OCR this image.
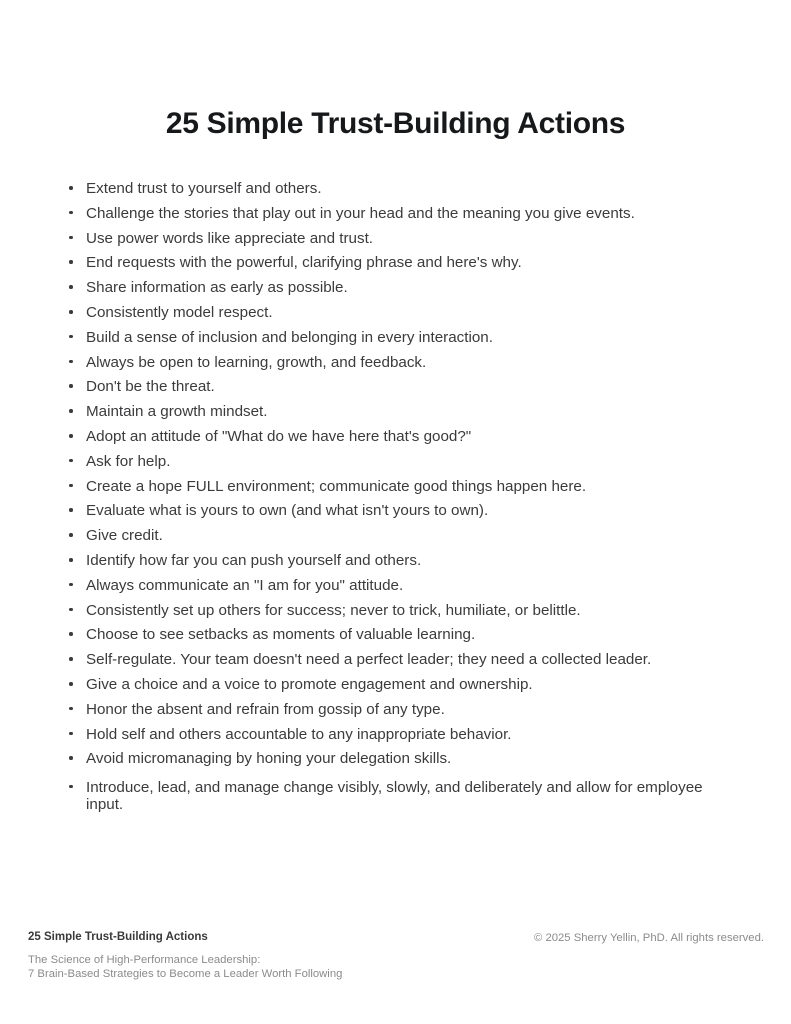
25 Simple Trust-Building Actions
Extend trust to yourself and others.
Challenge the stories that play out in your head and the meaning you give events.
Use power words like appreciate and trust.
End requests with the powerful, clarifying phrase and here's why.
Share information as early as possible.
Consistently model respect.
Build a sense of inclusion and belonging in every interaction.
Always be open to learning, growth, and feedback.
Don't be the threat.
Maintain a growth mindset.
Adopt an attitude of "What do we have here that's good?"
Ask for help.
Create a hope FULL environment; communicate good things happen here.
Evaluate what is yours to own (and what isn't yours to own).
Give credit.
Identify how far you can push yourself and others.
Always communicate an "I am for you" attitude.
Consistently set up others for success; never to trick, humiliate, or belittle.
Choose to see setbacks as moments of valuable learning.
Self-regulate. Your team doesn't need a perfect leader; they need a collected leader.
Give a choice and a voice to promote engagement and ownership.
Honor the absent and refrain from gossip of any type.
Hold self and others accountable to any inappropriate behavior.
Avoid micromanaging by honing your delegation skills.
Introduce, lead, and manage change visibly, slowly, and deliberately and allow for employee input.
25 Simple Trust-Building Actions
The Science of High-Performance Leadership:
7 Brain-Based Strategies to Become a Leader Worth Following
© 2025 Sherry Yellin, PhD. All rights reserved.
